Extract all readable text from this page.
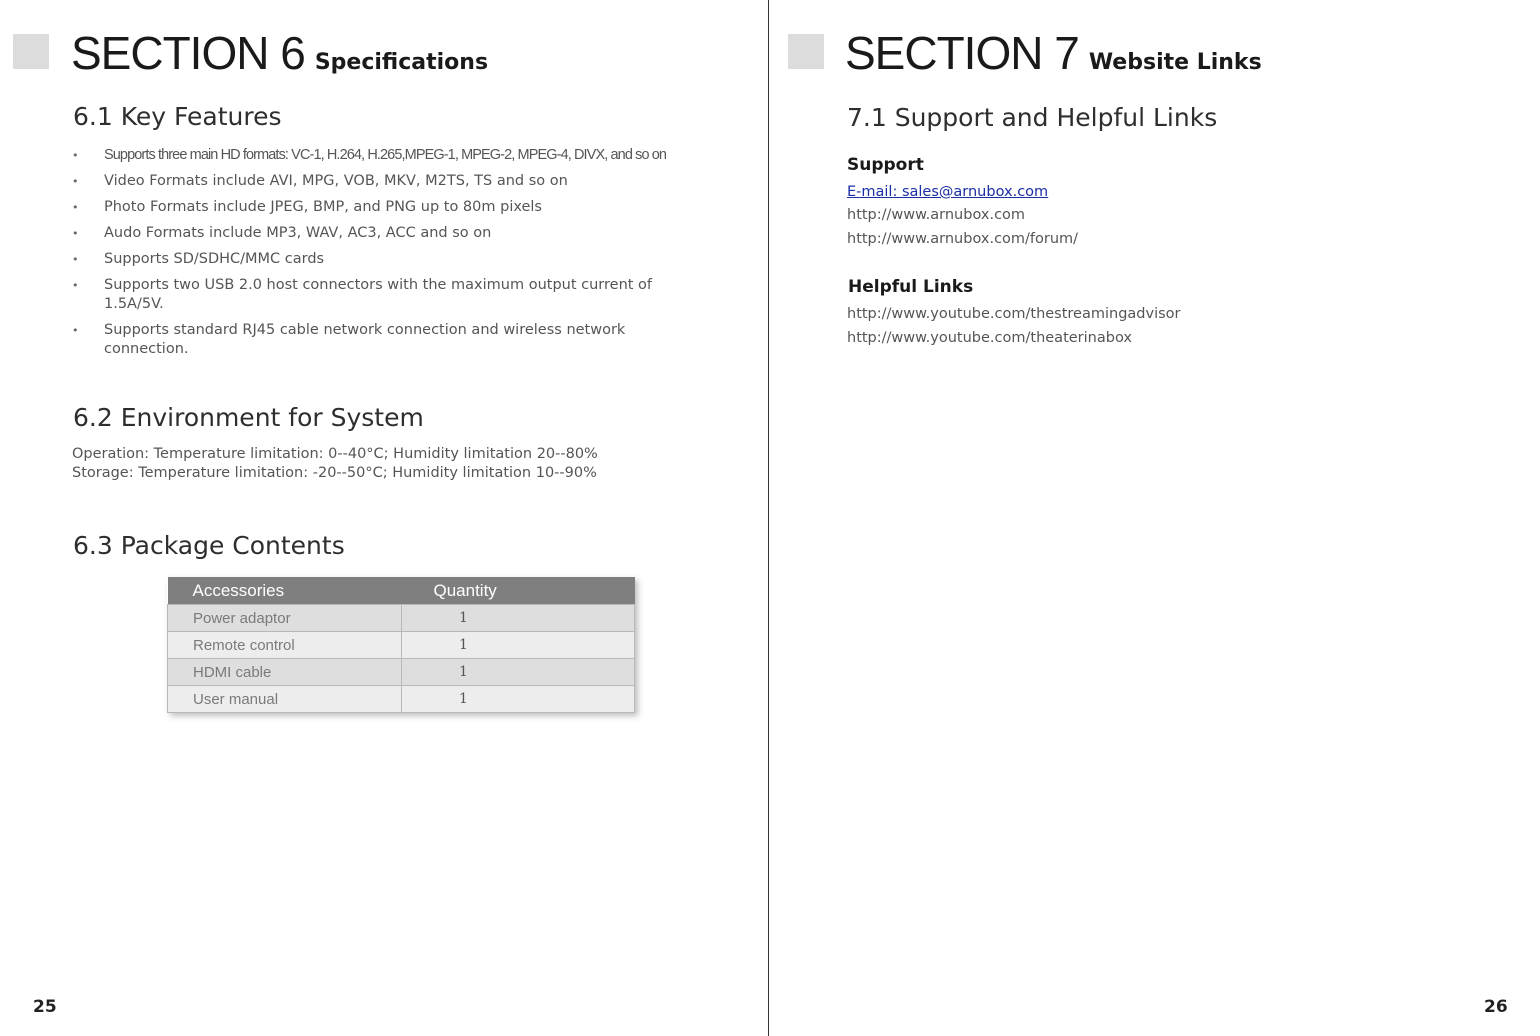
SECTION 6 Specifications
6.1 Key Features
• Supports three main HD formats: VC-1, H.264, H.265,MPEG-1, MPEG-2, MPEG-4, DIVX, and so on
• Video Formats include AVI, MPG, VOB, MKV, M2TS, TS and so on
• Photo Formats include JPEG, BMP, and PNG up to 80m pixels
• Audo Formats include MP3, WAV, AC3, ACC and so on
• Supports SD/SDHC/MMC cards
• Supports two USB 2.0 host connectors with the maximum output current of 1.5A/5V.
• Supports standard RJ45 cable network connection and wireless network connection.
6.2 Environment for System
Operation: Temperature limitation: 0--40°C; Humidity limitation 20--80%
Storage: Temperature limitation: -20--50°C; Humidity limitation 10--90%
6.3 Package Contents
Accessories	Quantity
Power adaptor	1
Remote control	1
HDMI cable	1
User manual	1
25
SECTION 7 Website Links
7.1 Support and Helpful Links
Support
E-mail: sales@arnubox.com
http://www.arnubox.com
http://www.arnubox.com/forum/
Helpful Links
http://www.youtube.com/thestreamingadvisor
http://www.youtube.com/theaterinabox
26
